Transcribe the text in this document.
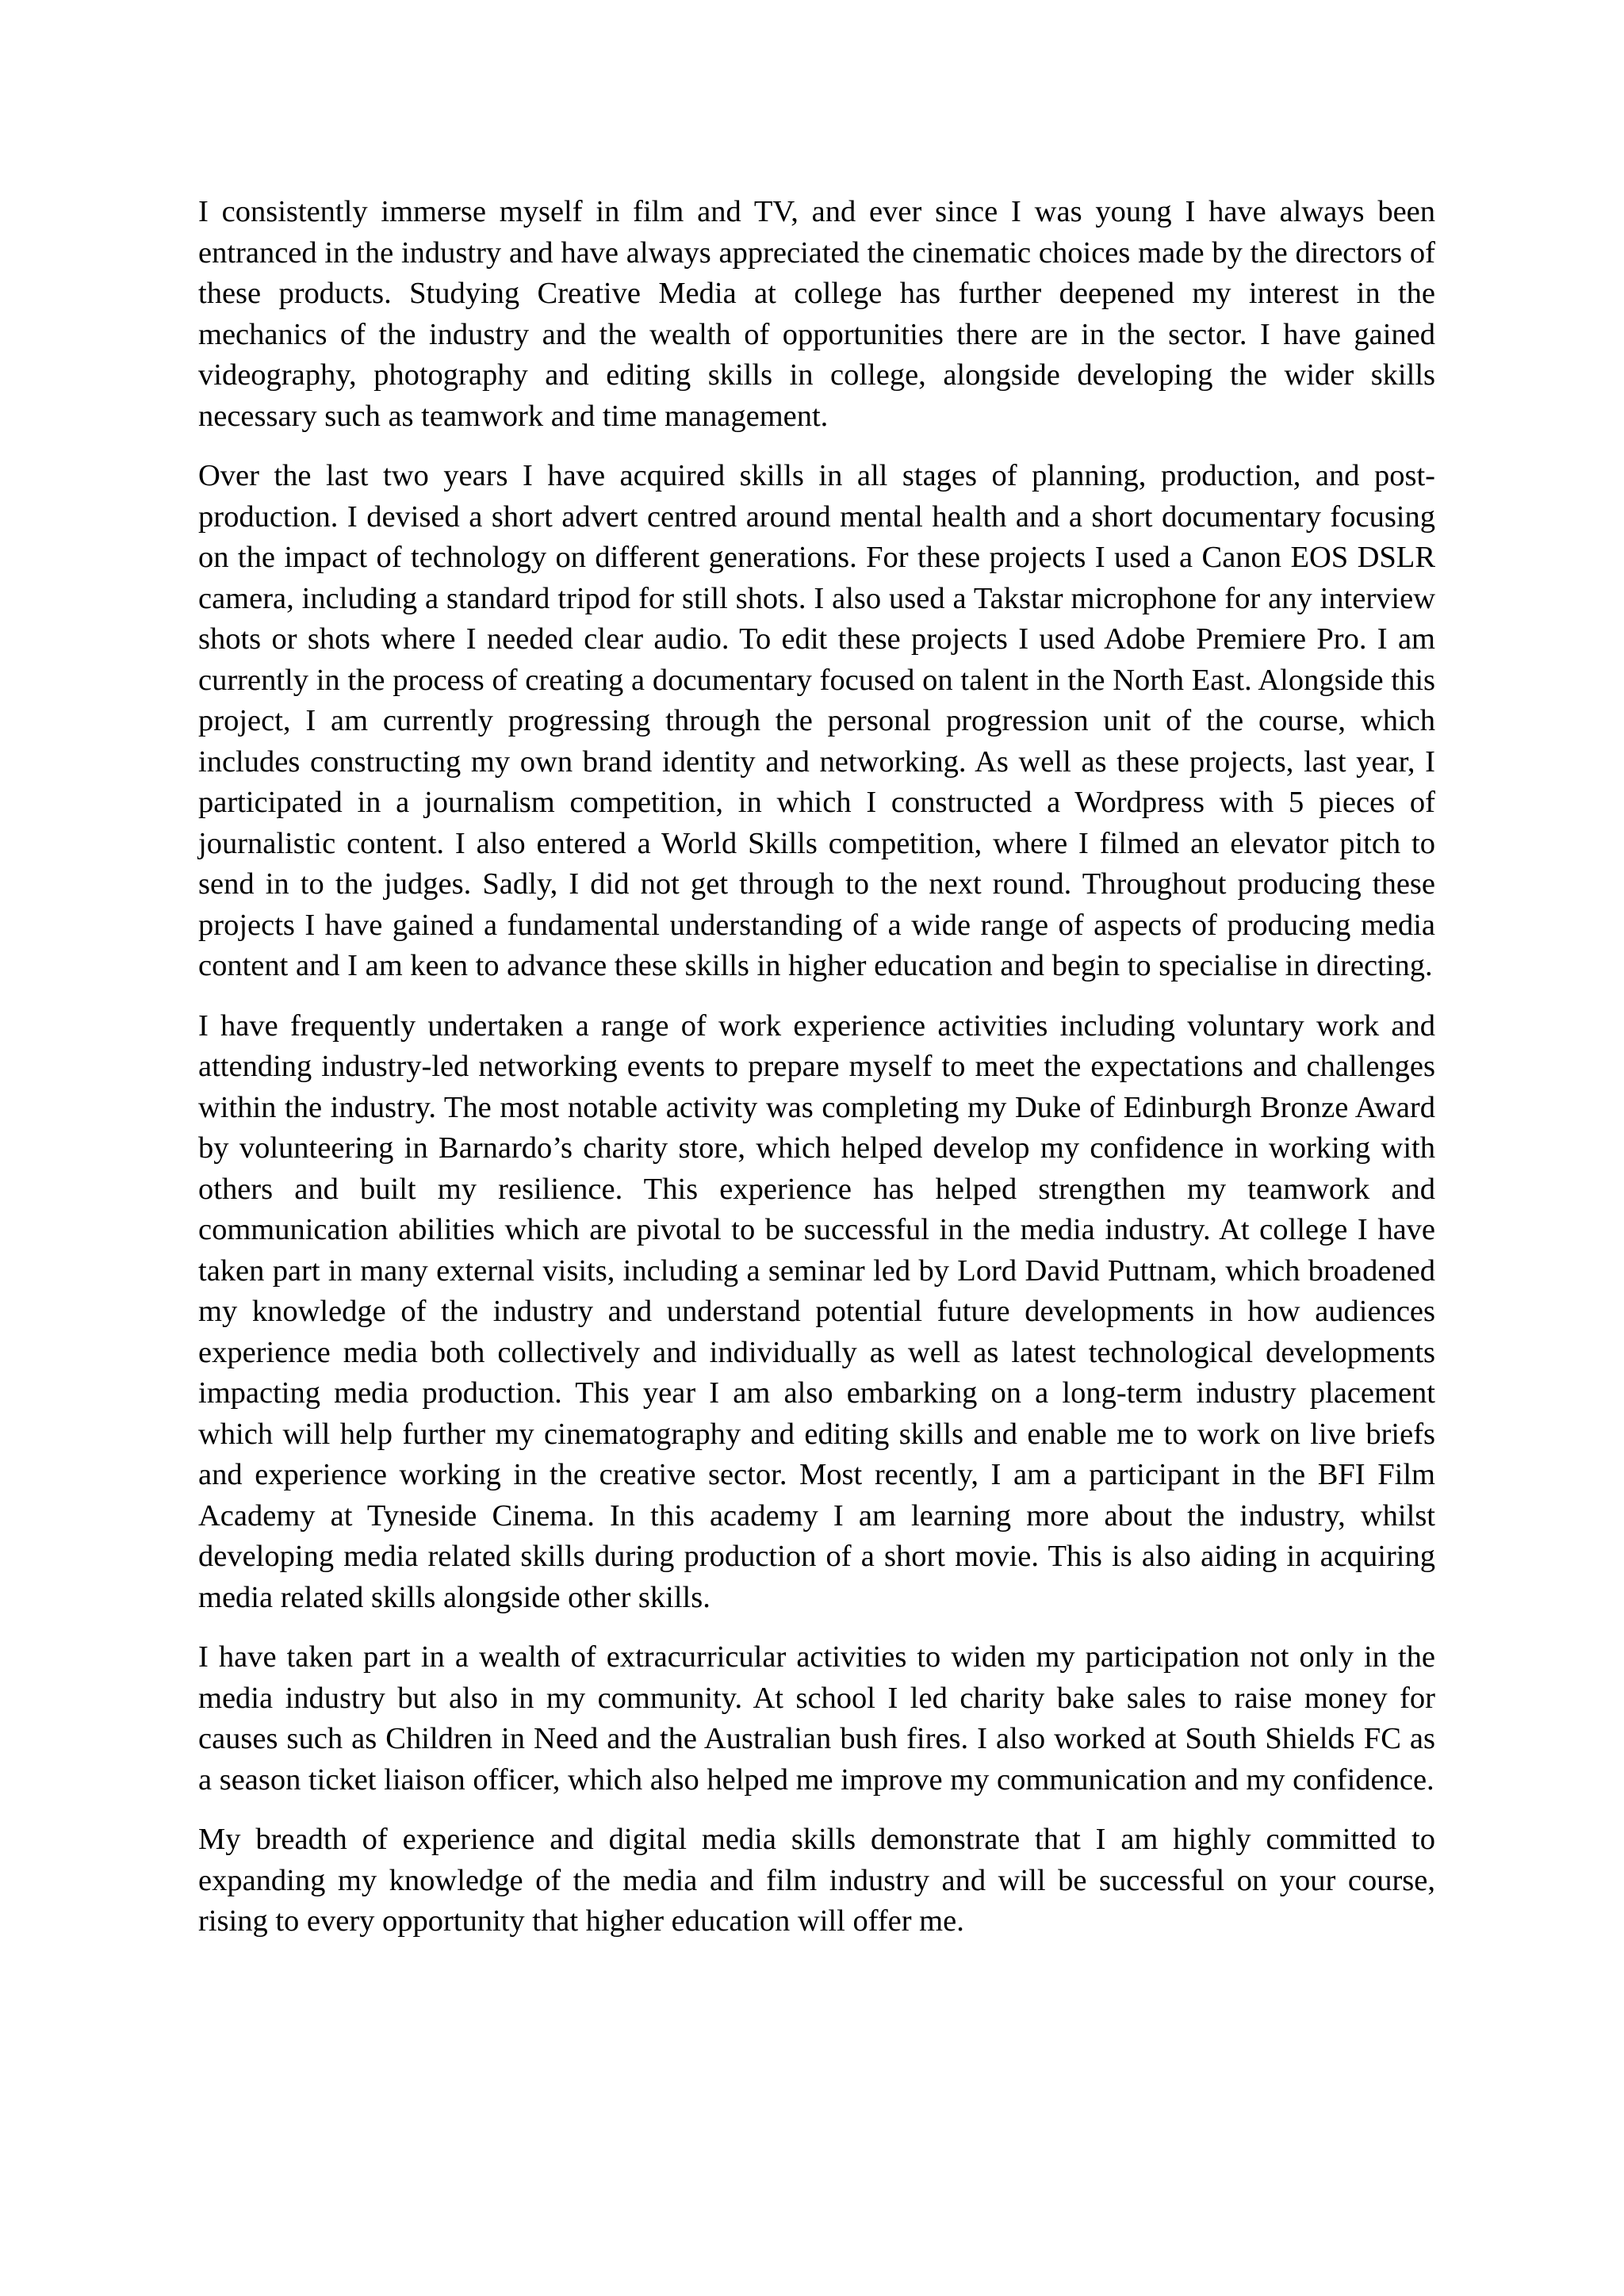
I consistently immerse myself in film and TV, and ever since I was young I have always been entranced in the industry and have always appreciated the cinematic choices made by the directors of these products. Studying Creative Media at college has further deepened my interest in the mechanics of the industry and the wealth of opportunities there are in the sector. I have gained videography, photography and editing skills in college, alongside developing the wider skills necessary such as teamwork and time management.

Over the last two years I have acquired skills in all stages of planning, production, and post-production. I devised a short advert centred around mental health and a short documentary focusing on the impact of technology on different generations. For these projects I used a Canon EOS DSLR camera, including a standard tripod for still shots. I also used a Takstar microphone for any interview shots or shots where I needed clear audio. To edit these projects I used Adobe Premiere Pro. I am currently in the process of creating a documentary focused on talent in the North East. Alongside this project, I am currently progressing through the personal progression unit of the course, which includes constructing my own brand identity and networking. As well as these projects, last year, I participated in a journalism competition, in which I constructed a Wordpress with 5 pieces of journalistic content. I also entered a World Skills competition, where I filmed an elevator pitch to send in to the judges. Sadly, I did not get through to the next round. Throughout producing these projects I have gained a fundamental understanding of a wide range of aspects of producing media content and I am keen to advance these skills in higher education and begin to specialise in directing.

I have frequently undertaken a range of work experience activities including voluntary work and attending industry-led networking events to prepare myself to meet the expectations and challenges within the industry. The most notable activity was completing my Duke of Edinburgh Bronze Award by volunteering in Barnardo’s charity store, which helped develop my confidence in working with others and built my resilience. This experience has helped strengthen my teamwork and communication abilities which are pivotal to be successful in the media industry. At college I have taken part in many external visits, including a seminar led by Lord David Puttnam, which broadened my knowledge of the industry and understand potential future developments in how audiences experience media both collectively and individually as well as latest technological developments impacting media production. This year I am also embarking on a long-term industry placement which will help further my cinematography and editing skills and enable me to work on live briefs and experience working in the creative sector. Most recently, I am a participant in the BFI Film Academy at Tyneside Cinema. In this academy I am learning more about the industry, whilst developing media related skills during production of a short movie. This is also aiding in acquiring media related skills alongside other skills.

I have taken part in a wealth of extracurricular activities to widen my participation not only in the media industry but also in my community. At school I led charity bake sales to raise money for causes such as Children in Need and the Australian bush fires. I also worked at South Shields FC as a season ticket liaison officer, which also helped me improve my communication and my confidence.

My breadth of experience and digital media skills demonstrate that I am highly committed to expanding my knowledge of the media and film industry and will be successful on your course, rising to every opportunity that higher education will offer me.
